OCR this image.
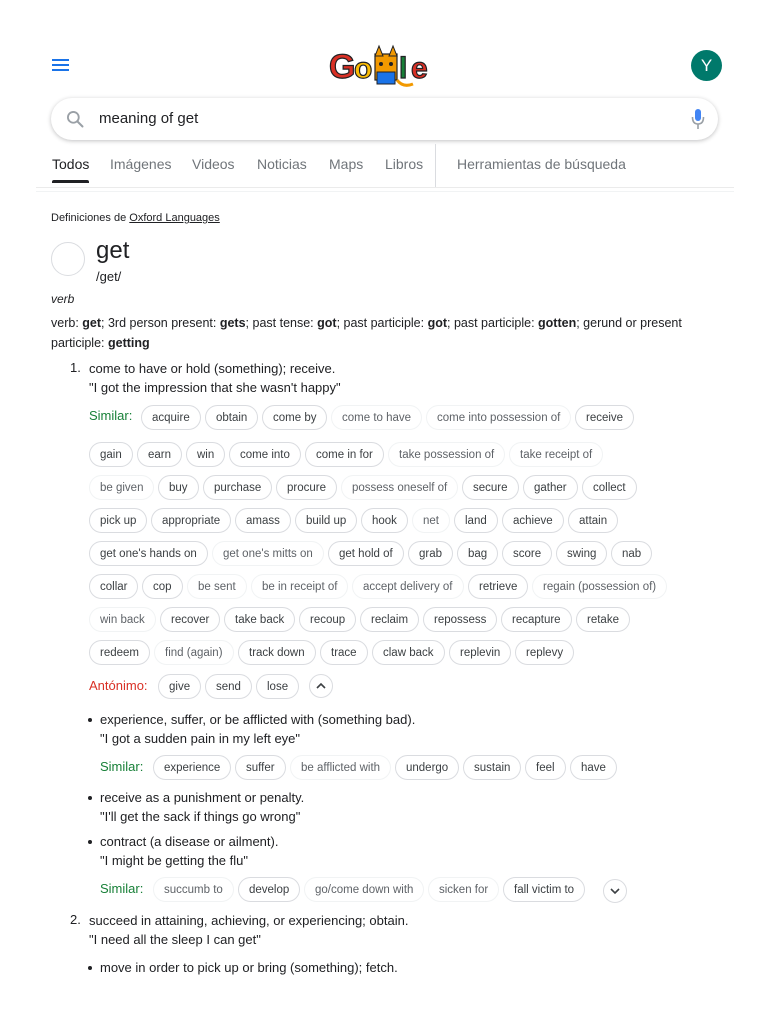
G
o l e	Y
meaning of get
Todos Imágenes Videos Noticias Maps Libros Herramientas de búsqueda
Definiciones de Oxford Languages
get
/get/
verb
verb: get; 3rd person present: gets; past tense: got; past participle: got; past participle: gotten; gerund or present
participle: getting
1. come to have or hold (something); receive.
"I got the impression that she wasn't happy"
Similar:	acquire	obtain	come by	come to have	come into possession of	receive
gain	earn	win	come into	come in for	take possession of	take receipt of
be given	buy	purchase	procure	possess oneself of	secure	gather	collect
pick up	appropriate	amass	build up	hook	net	land	achieve	attain
get one's hands on	get one's mitts on	get hold of	grab	bag	score	swing	nab
collar	cop	be sent	be in receipt of	accept delivery of	retrieve	regain (possession of)
win back	recover	take back	recoup	reclaim	repossess	recapture	retake
redeem	find (again)	track down	trace	claw back	replevin	replevy
give	send	lose
experience	suffer	be afflicted with	undergo	sustain	feel	have
succumb to	develop	go/come down with	sicken for	fall victim to
Antónimo:
experience, suffer, or be afflicted with (something bad).
"I got a sudden pain in my left eye"
Similar:
receive as a punishment or penalty.
"I'll get the sack if things go wrong"
contract (a disease or ailment).
"I might be getting the flu"
Similar:
2. succeed in attaining, achieving, or experiencing; obtain.
"I need all the sleep I can get"
move in order to pick up or bring (something); fetch.
